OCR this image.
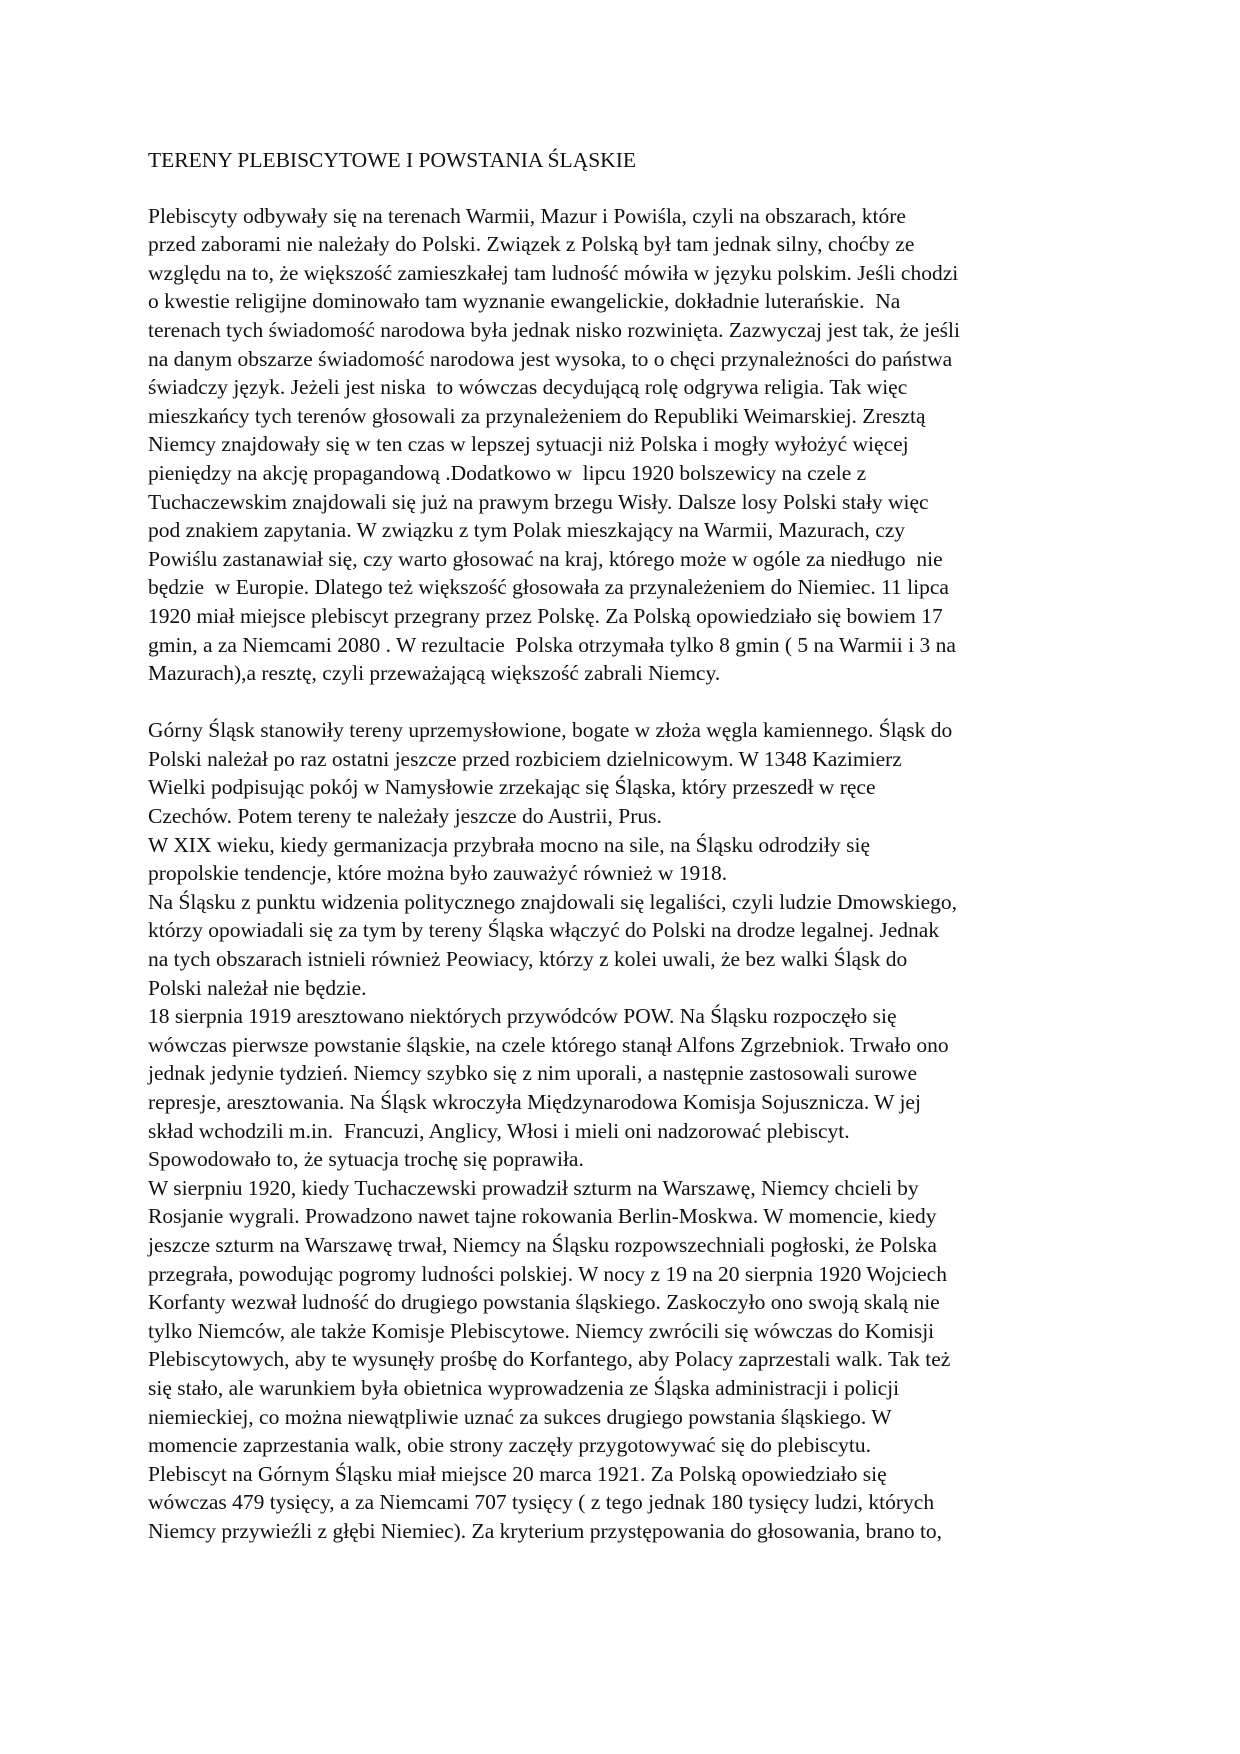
TERENY PLEBISCYTOWE I POWSTANIA ŚLĄSKIE
Plebiscyty odbywały się na terenach Warmii, Mazur i Powiśla, czyli na obszarach, które
przed zaborami nie należały do Polski. Związek z Polską był tam jednak silny, choćby ze
względu na to, że większość zamieszkałej tam ludność mówiła w języku polskim. Jeśli chodzi
o kwestie religijne dominowało tam wyznanie ewangelickie, dokładnie luterańskie.  Na
terenach tych świadomość narodowa była jednak nisko rozwinięta. Zazwyczaj jest tak, że jeśli
na danym obszarze świadomość narodowa jest wysoka, to o chęci przynależności do państwa
świadczy język. Jeżeli jest niska  to wówczas decydującą rolę odgrywa religia. Tak więc
mieszkańcy tych terenów głosowali za przynależeniem do Republiki Weimarskiej. Zresztą
Niemcy znajdowały się w ten czas w lepszej sytuacji niż Polska i mogły wyłożyć więcej
pieniędzy na akcję propagandową .Dodatkowo w  lipcu 1920 bolszewicy na czele z
Tuchaczewskim znajdowali się już na prawym brzegu Wisły. Dalsze losy Polski stały więc
pod znakiem zapytania. W związku z tym Polak mieszkający na Warmii, Mazurach, czy
Powiślu zastanawiał się, czy warto głosować na kraj, którego może w ogóle za niedługo  nie
będzie  w Europie. Dlatego też większość głosowała za przynależeniem do Niemiec. 11 lipca
1920 miał miejsce plebiscyt przegrany przez Polskę. Za Polską opowiedziało się bowiem 17
gmin, a za Niemcami 2080 . W rezultacie  Polska otrzymała tylko 8 gmin ( 5 na Warmii i 3 na
Mazurach),a resztę, czyli przeważającą większość zabrali Niemcy.
Górny Śląsk stanowiły tereny uprzemysłowione, bogate w złoża węgla kamiennego. Śląsk do
Polski należał po raz ostatni jeszcze przed rozbiciem dzielnicowym. W 1348 Kazimierz
Wielki podpisując pokój w Namysłowie zrzekając się Śląska, który przeszedł w ręce
Czechów. Potem tereny te należały jeszcze do Austrii, Prus.
W XIX wieku, kiedy germanizacja przybrała mocno na sile, na Śląsku odrodziły się
propolskie tendencje, które można było zauważyć również w 1918.
Na Śląsku z punktu widzenia politycznego znajdowali się legaliści, czyli ludzie Dmowskiego,
którzy opowiadali się za tym by tereny Śląska włączyć do Polski na drodze legalnej. Jednak
na tych obszarach istnieli również Peowiacy, którzy z kolei uwali, że bez walki Śląsk do
Polski należał nie będzie.
18 sierpnia 1919 aresztowano niektórych przywódców POW. Na Śląsku rozpoczęło się
wówczas pierwsze powstanie śląskie, na czele którego stanął Alfons Zgrzebniok. Trwało ono
jednak jedynie tydzień. Niemcy szybko się z nim uporali, a następnie zastosowali surowe
represje, aresztowania. Na Śląsk wkroczyła Międzynarodowa Komisja Sojusznicza. W jej
skład wchodzili m.in.  Francuzi, Anglicy, Włosi i mieli oni nadzorować plebiscyt.
Spowodowało to, że sytuacja trochę się poprawiła.
W sierpniu 1920, kiedy Tuchaczewski prowadził szturm na Warszawę, Niemcy chcieli by
Rosjanie wygrali. Prowadzono nawet tajne rokowania Berlin-Moskwa. W momencie, kiedy
jeszcze szturm na Warszawę trwał, Niemcy na Śląsku rozpowszechniali pogłoski, że Polska
przegrała, powodując pogromy ludności polskiej. W nocy z 19 na 20 sierpnia 1920 Wojciech
Korfanty wezwał ludność do drugiego powstania śląskiego. Zaskoczyło ono swoją skalą nie
tylko Niemców, ale także Komisje Plebiscytowe. Niemcy zwrócili się wówczas do Komisji
Plebiscytowych, aby te wysunęły prośbę do Korfantego, aby Polacy zaprzestali walk. Tak też
się stało, ale warunkiem była obietnica wyprowadzenia ze Śląska administracji i policji
niemieckiej, co można niewątpliwie uznać za sukces drugiego powstania śląskiego. W
momencie zaprzestania walk, obie strony zaczęły przygotowywać się do plebiscytu.
Plebiscyt na Górnym Śląsku miał miejsce 20 marca 1921. Za Polską opowiedziało się
wówczas 479 tysięcy, a za Niemcami 707 tysięcy ( z tego jednak 180 tysięcy ludzi, których
Niemcy przywieźli z głębi Niemiec). Za kryterium przystępowania do głosowania, brano to,
